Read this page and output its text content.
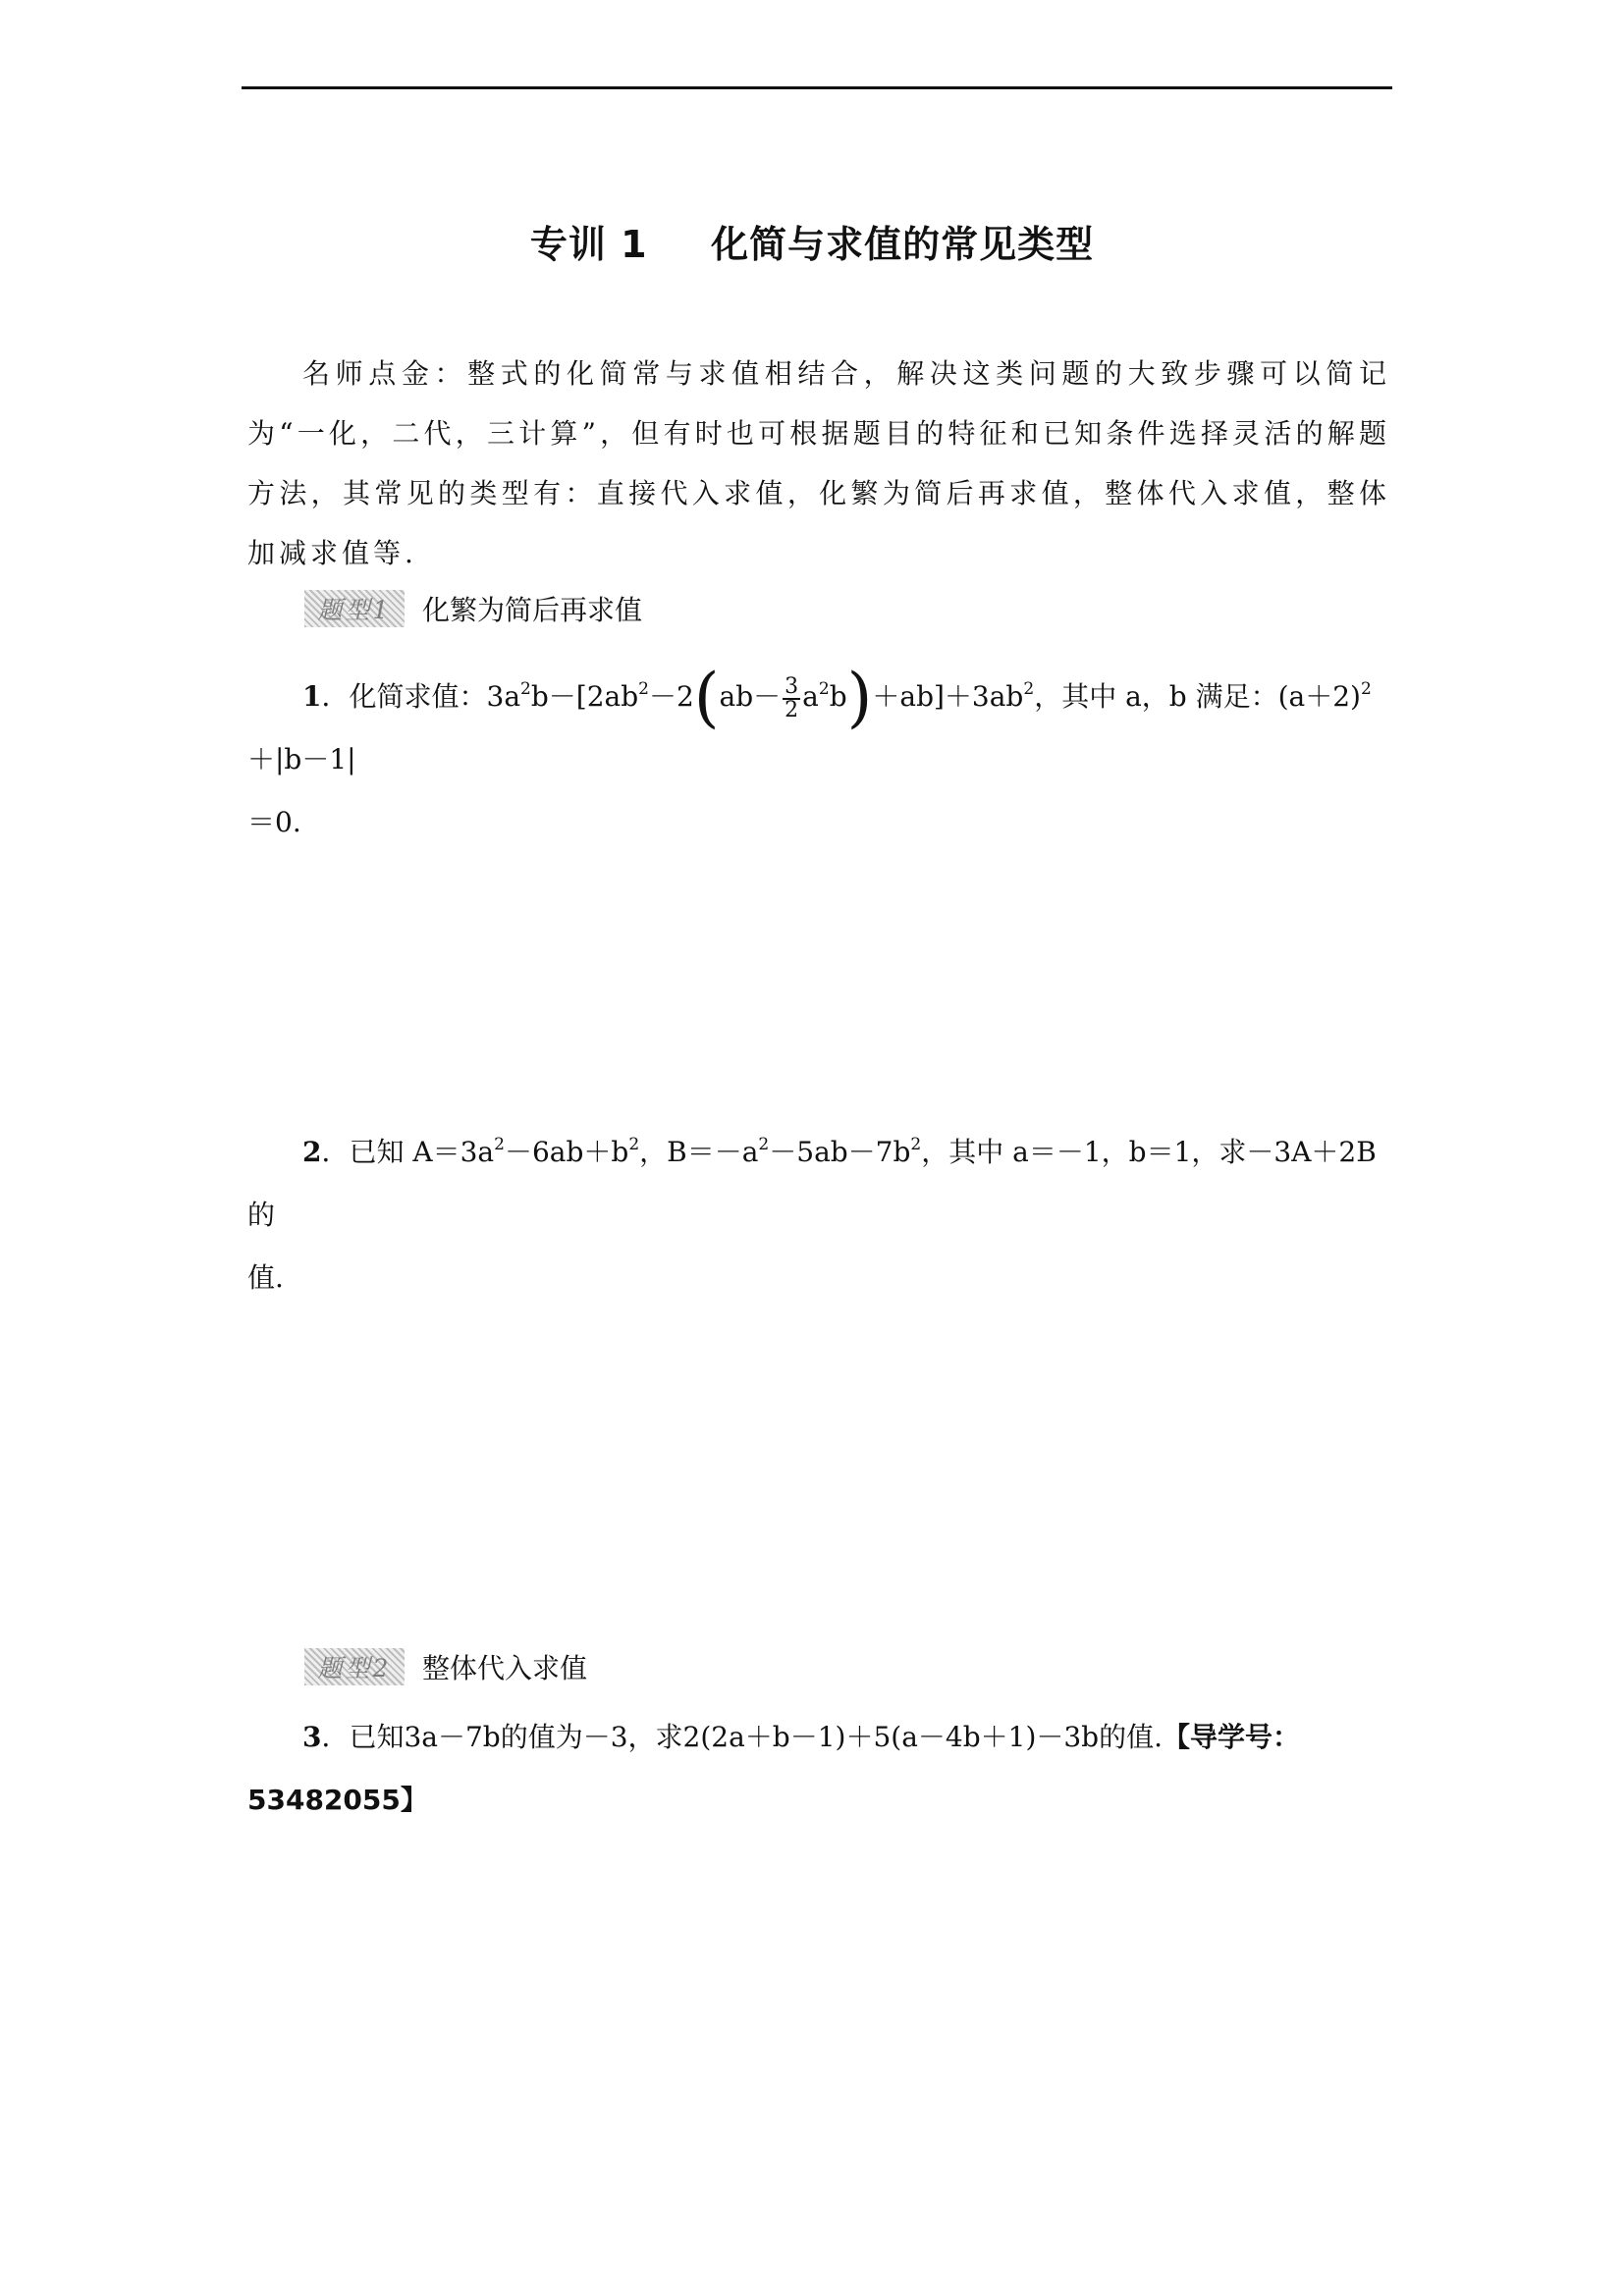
专训 1 化简与求值的常见类型
名师点金：整式的化简常与求值相结合，解决这类问题的大致步骤可以简记为“一化，二代，三计算”，但有时也可根据题目的特征和已知条件选择灵活的解题方法，其常见的类型有：直接代入求值，化繁为简后再求值，整体代入求值，整体加减求值等.
题型1	化繁为简后再求值
1．化简求值：$3a^2b-[2ab^2-2(ab- \frac{3}{2} a^2b)+ab]+3ab^2$，其中 a，b 满足：$(a+2)^2+|b-1|$
＝0.
2．已知 $A=3a^2-6ab+b^2$，$B=-a^2-5ab-7b^2$，其中 a＝－1，b＝1，求－3A＋2B 的
值.
题型2	整体代入求值
3．已知3a－7b的值为－3，求2(2a＋b－1)＋5(a－4b＋1)－3b的值.【导学号：53482055】
